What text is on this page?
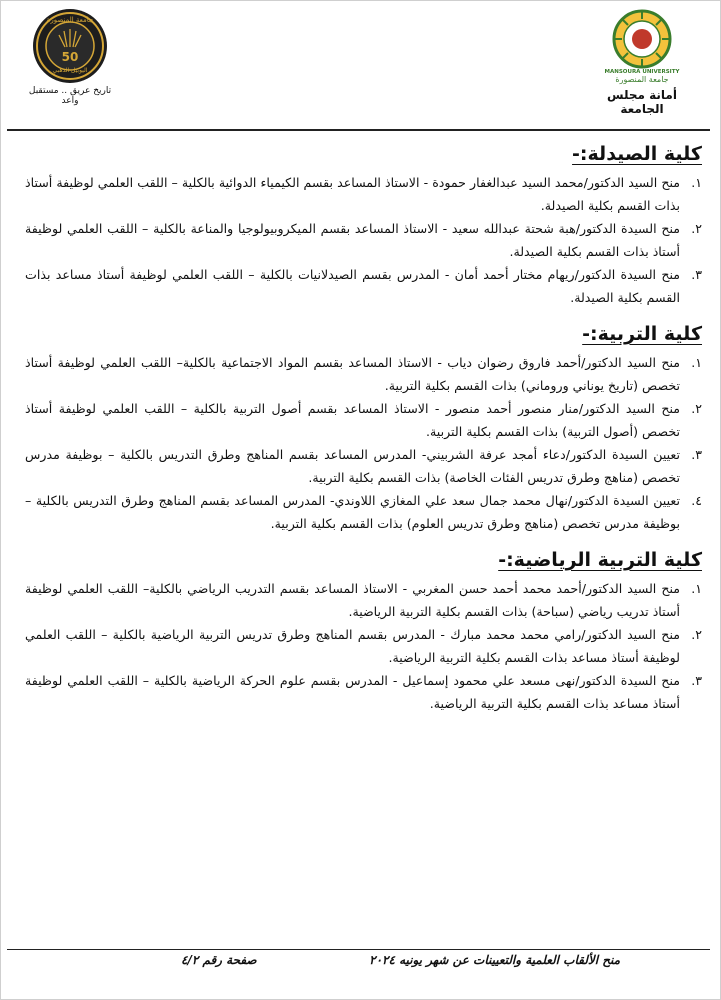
MANSOURA UNIVERSITY
جامعة المنصورة
أمانة مجلس الجامعة
جامعة المنصورة
50
اليوبيل الذهبي
تاريخ عريق .. مستقبل واعد
كلية الصيدلة:-
١.
منح السيد الدكتور/محمد السيد عبدالغفار حمودة - الاستاذ المساعد بقسم الكيمياء الدوائية بالكلية – اللقب العلمي لوظيفة أستاذ بذات القسم بكلية الصيدلة.
٢.
منح السيدة الدكتور/هبة شحتة عبدالله سعيد - الاستاذ المساعد بقسم الميكروبيولوجيا والمناعة بالكلية – اللقب العلمي لوظيفة أستاذ بذات القسم بكلية الصيدلة.
٣.
منح السيدة الدكتور/ريهام مختار أحمد أمان - المدرس بقسم الصيدلانيات بالكلية – اللقب العلمي لوظيفة أستاذ مساعد بذات القسم بكلية الصيدلة.
كلية التربية:-
١.
منح السيد الدكتور/أحمد فاروق رضوان دياب - الاستاذ المساعد بقسم المواد الاجتماعية بالكلية– اللقب العلمي لوظيفة أستاذ تخصص (تاريخ يوناني وروماني) بذات القسم بكلية التربية.
٢.
منح السيد الدكتور/منار منصور أحمد منصور - الاستاذ المساعد بقسم أصول التربية بالكلية – اللقب العلمي لوظيفة أستاذ تخصص (أصول التربية) بذات القسم بكلية التربية.
٣.
تعيين السيدة الدكتور/دعاء أمجد عرفة الشربيني- المدرس المساعد بقسم المناهج وطرق التدريس بالكلية – بوظيفة مدرس تخصص (مناهج وطرق تدريس الفئات الخاصة) بذات القسم بكلية التربية.
٤.
تعيين السيدة الدكتور/نهال محمد جمال سعد علي المغازي اللاوندي- المدرس المساعد بقسم المناهج وطرق التدريس بالكلية – بوظيفة مدرس تخصص (مناهج وطرق تدريس العلوم) بذات القسم بكلية التربية.
كلية التربية الرياضية:-
١.
منح السيد الدكتور/أحمد محمد أحمد حسن المغربي - الاستاذ المساعد بقسم التدريب الرياضي بالكلية– اللقب العلمي لوظيفة أستاذ تدريب رياضي (سباحة) بذات القسم بكلية التربية الرياضية.
٢.
منح السيد الدكتور/رامي محمد محمد مبارك - المدرس بقسم المناهج وطرق تدريس التربية الرياضية بالكلية – اللقب العلمي لوظيفة أستاذ مساعد بذات القسم بكلية التربية الرياضية.
٣.
منح السيدة الدكتور/نهى مسعد علي محمود إسماعيل - المدرس بقسم علوم الحركة الرياضية بالكلية – اللقب العلمي لوظيفة أستاذ مساعد بذات القسم بكلية التربية الرياضية.
منح الألقاب العلمية والتعيينات عن شهر يونيه ٢٠٢٤
صفحة رقم ٤/٢
